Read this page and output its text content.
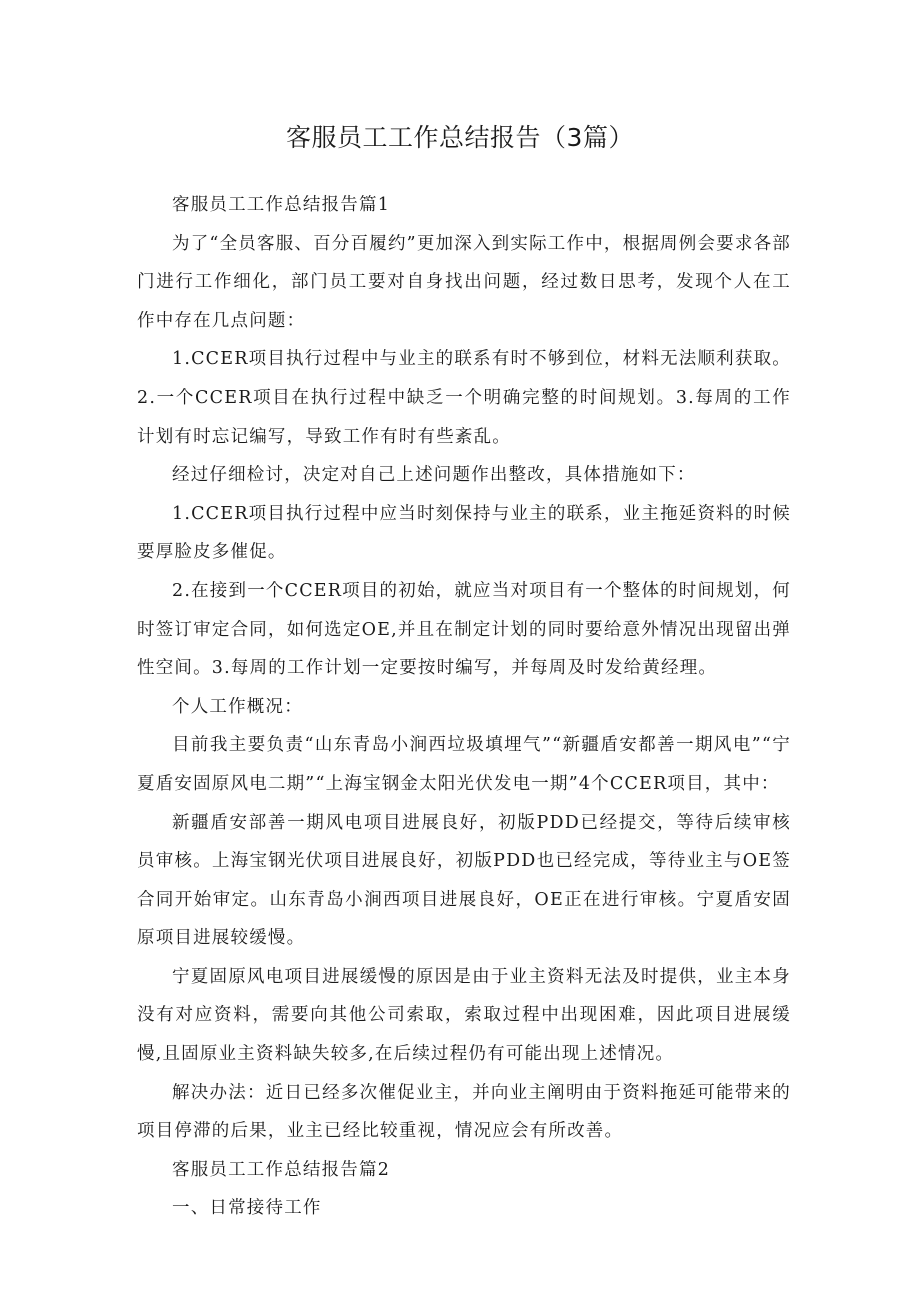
客服员工工作总结报告（3篇）

客服员工工作总结报告篇1

为了“全员客服、百分百履约”更加深入到实际工作中，根据周例会要求各部门进行工作细化，部门员工要对自身找出问题，经过数日思考，发现个人在工作中存在几点问题：

1.CCER项目执行过程中与业主的联系有时不够到位，材料无法顺利获取。2.一个CCER项目在执行过程中缺乏一个明确完整的时间规划。3.每周的工作计划有时忘记编写，导致工作有时有些紊乱。

经过仔细检讨，决定对自己上述问题作出整改，具体措施如下：

1.CCER项目执行过程中应当时刻保持与业主的联系，业主拖延资料的时候要厚脸皮多催促。

2.在接到一个CCER项目的初始，就应当对项目有一个整体的时间规划，何时签订审定合同，如何选定OE,并且在制定计划的同时要给意外情况出现留出弹性空间。3.每周的工作计划一定要按时编写，并每周及时发给黄经理。

个人工作概况：

目前我主要负责“山东青岛小涧西垃圾填埋气”“新疆盾安都善一期风电”“宁夏盾安固原风电二期”“上海宝钢金太阳光伏发电一期”4个CCER项目，其中：

新疆盾安部善一期风电项目进展良好，初版PDD已经提交，等待后续审核员审核。上海宝钢光伏项目进展良好，初版PDD也已经完成，等待业主与OE签合同开始审定。山东青岛小涧西项目进展良好，OE正在进行审核。宁夏盾安固原项目进展较缓慢。

宁夏固原风电项目进展缓慢的原因是由于业主资料无法及时提供，业主本身没有对应资料，需要向其他公司索取，索取过程中出现困难，因此项目进展缓慢,且固原业主资料缺失较多,在后续过程仍有可能出现上述情况。

解决办法：近日已经多次催促业主，并向业主阐明由于资料拖延可能带来的项目停滞的后果，业主已经比较重视，情况应会有所改善。

客服员工工作总结报告篇2

一、日常接待工作
